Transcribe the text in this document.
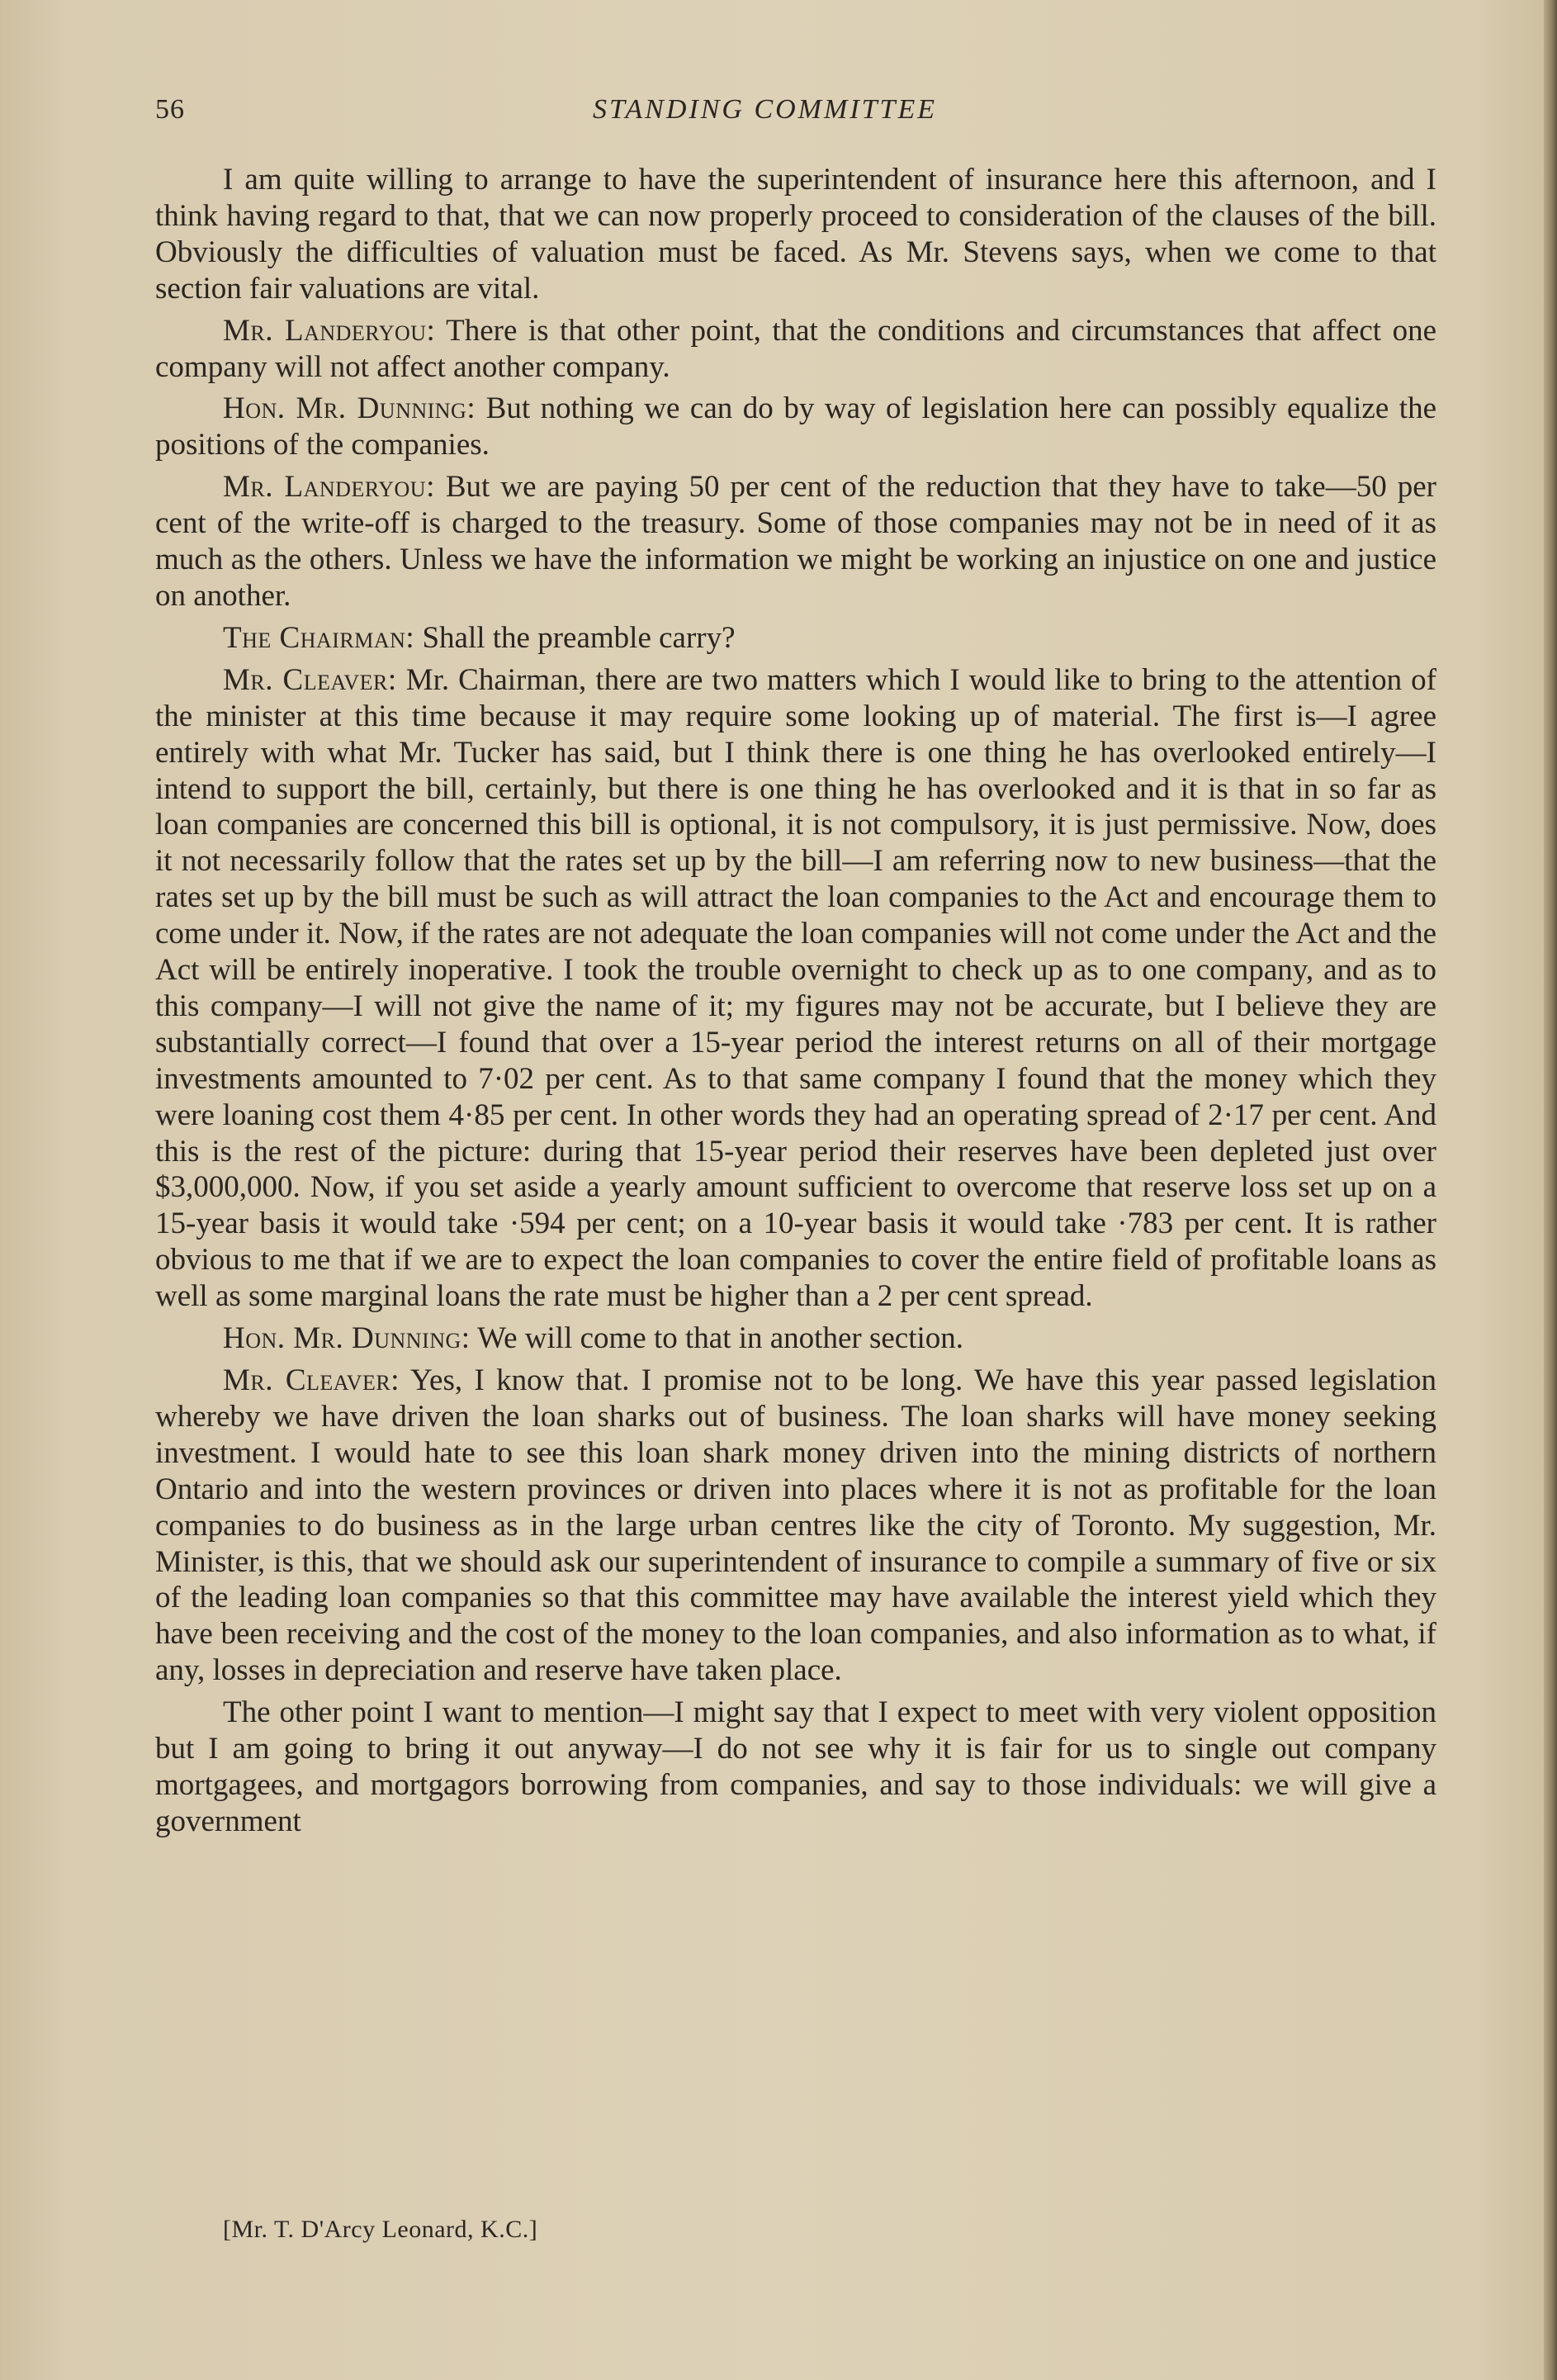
56	STANDING COMMITTEE

I am quite willing to arrange to have the superintendent of insurance here this afternoon, and I think having regard to that, that we can now properly proceed to consideration of the clauses of the bill. Obviously the difficulties of valuation must be faced. As Mr. Stevens says, when we come to that section fair valuations are vital.

Mr. Landeryou: There is that other point, that the conditions and circumstances that affect one company will not affect another company.

Hon. Mr. Dunning: But nothing we can do by way of legislation here can possibly equalize the positions of the companies.

Mr. Landeryou: But we are paying 50 per cent of the reduction that they have to take—50 per cent of the write-off is charged to the treasury. Some of those companies may not be in need of it as much as the others. Unless we have the information we might be working an injustice on one and justice on another.

The Chairman: Shall the preamble carry?

Mr. Cleaver: Mr. Chairman, there are two matters which I would like to bring to the attention of the minister at this time because it may require some looking up of material. The first is—I agree entirely with what Mr. Tucker has said, but I think there is one thing he has overlooked entirely—I intend to support the bill, certainly, but there is one thing he has overlooked and it is that in so far as loan companies are concerned this bill is optional, it is not compulsory, it is just permissive. Now, does it not necessarily follow that the rates set up by the bill—I am referring now to new business—that the rates set up by the bill must be such as will attract the loan companies to the Act and encourage them to come under it. Now, if the rates are not adequate the loan companies will not come under the Act and the Act will be entirely inoperative. I took the trouble overnight to check up as to one company, and as to this company—I will not give the name of it; my figures may not be accurate, but I believe they are substantially correct—I found that over a 15-year period the interest returns on all of their mortgage investments amounted to 7·02 per cent. As to that same company I found that the money which they were loaning cost them 4·85 per cent. In other words they had an operating spread of 2·17 per cent. And this is the rest of the picture: during that 15-year period their reserves have been depleted just over $3,000,000. Now, if you set aside a yearly amount sufficient to overcome that reserve loss set up on a 15-year basis it would take ·594 per cent; on a 10-year basis it would take ·783 per cent. It is rather obvious to me that if we are to expect the loan companies to cover the entire field of profitable loans as well as some marginal loans the rate must be higher than a 2 per cent spread.

Hon. Mr. Dunning: We will come to that in another section.

Mr. Cleaver: Yes, I know that. I promise not to be long. We have this year passed legislation whereby we have driven the loan sharks out of business. The loan sharks will have money seeking investment. I would hate to see this loan shark money driven into the mining districts of northern Ontario and into the western provinces or driven into places where it is not as profitable for the loan companies to do business as in the large urban centres like the city of Toronto. My suggestion, Mr. Minister, is this, that we should ask our superintendent of insurance to compile a summary of five or six of the leading loan companies so that this committee may have available the interest yield which they have been receiving and the cost of the money to the loan companies, and also information as to what, if any, losses in depreciation and reserve have taken place.

The other point I want to mention—I might say that I expect to meet with very violent opposition but I am going to bring it out anyway—I do not see why it is fair for us to single out company mortgagees, and mortgagors borrowing from companies, and say to those individuals: we will give a government

[Mr. T. D'Arcy Leonard, K.C.]
